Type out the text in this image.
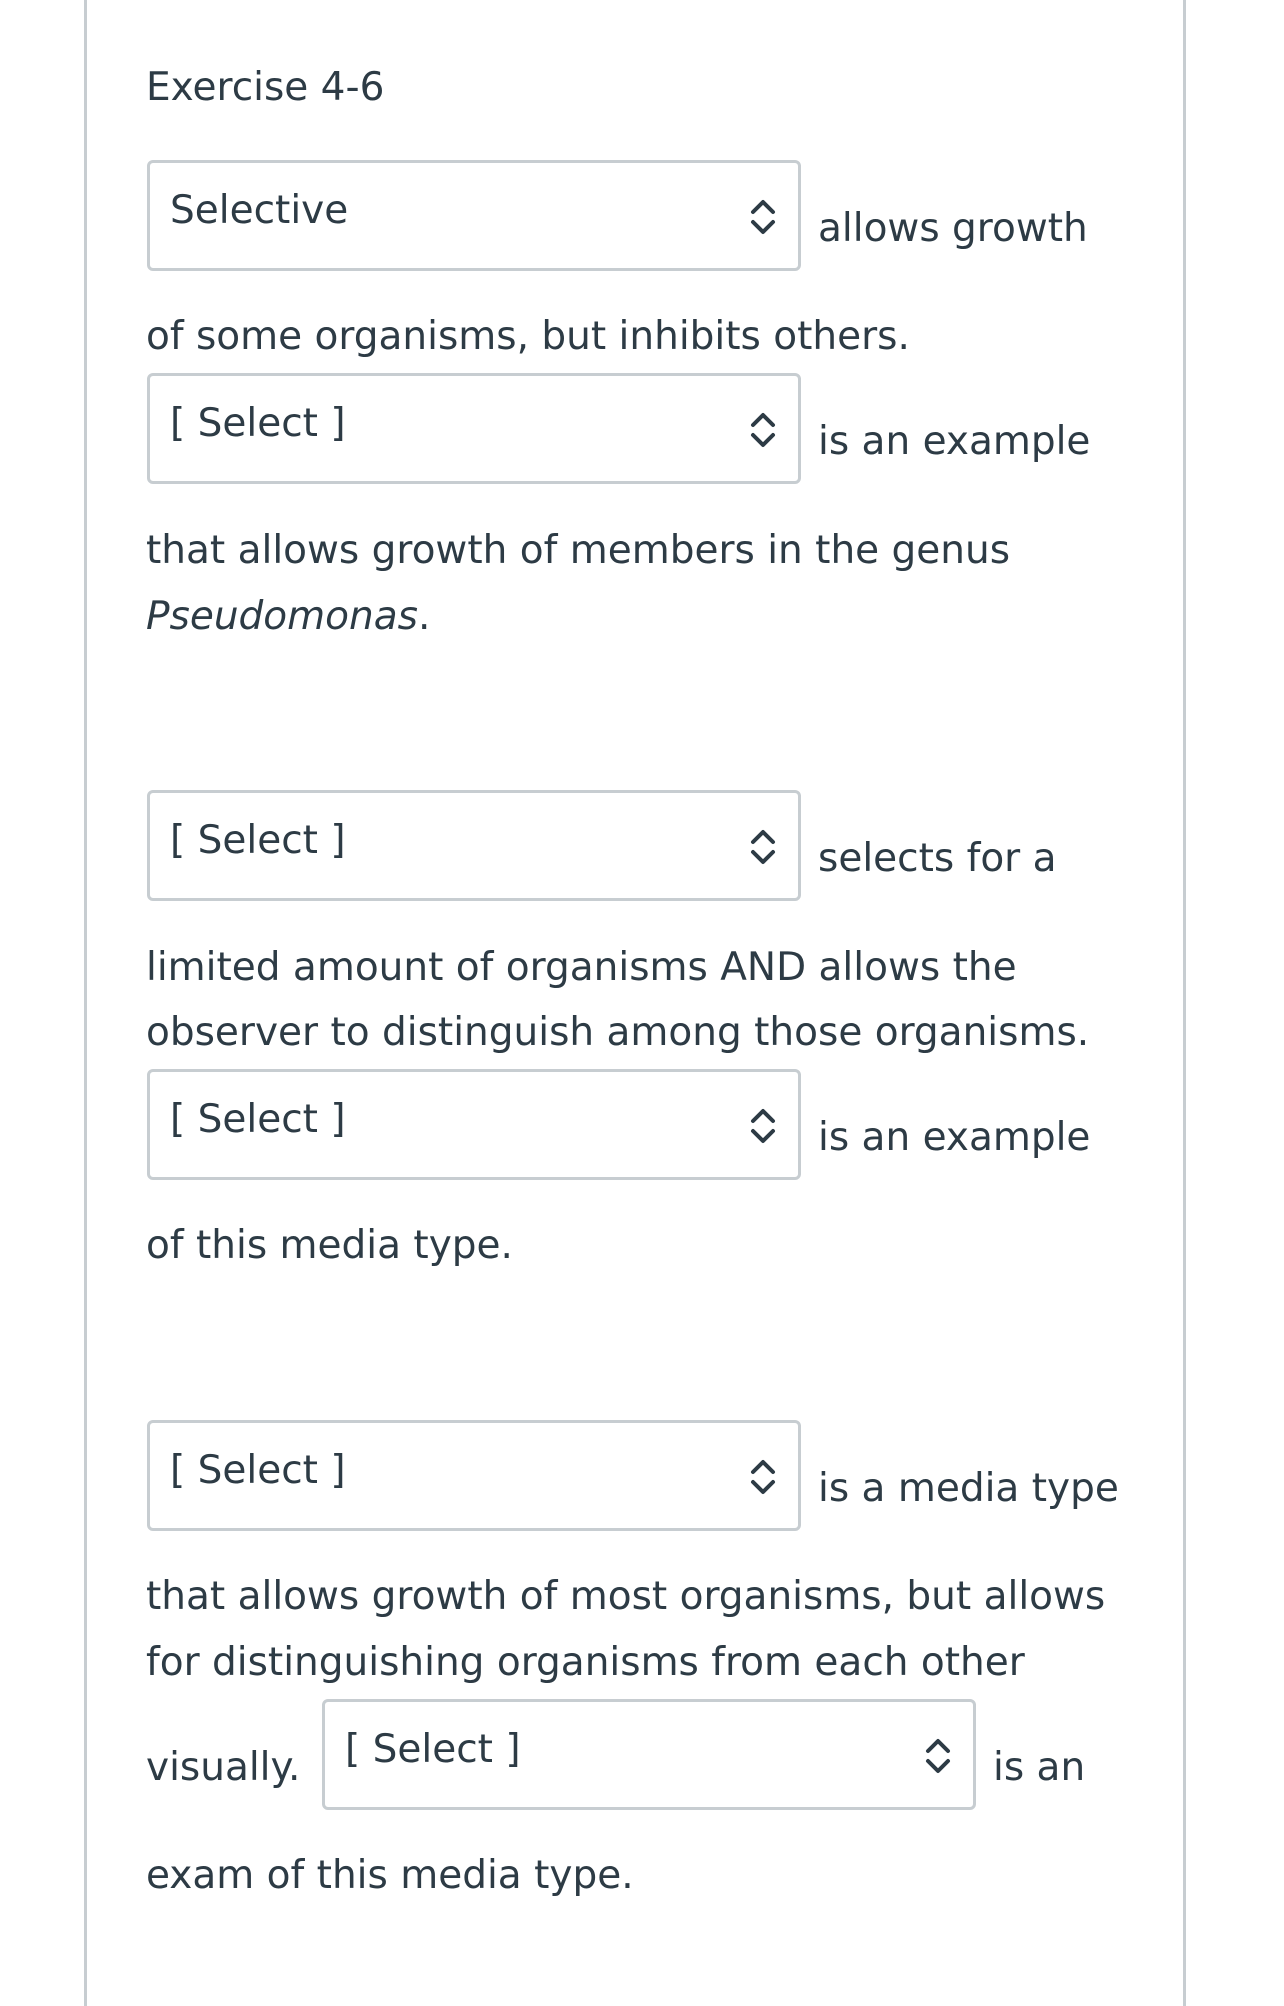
Exercise 4-6
Selective	allows growth
of some organisms, but inhibits others.
[ Select ]	is an example
that allows growth of members in the genus
Pseudomonas.
[ Select ]	selects for a
limited amount of organisms AND allows the
observer to distinguish among those organisms.
[ Select ]	is an example
of this media type.
[ Select ]	is a media type
that allows growth of most organisms, but allows
for distinguishing organisms from each other
visually. [ Select ]	is an
exam of this media type.
